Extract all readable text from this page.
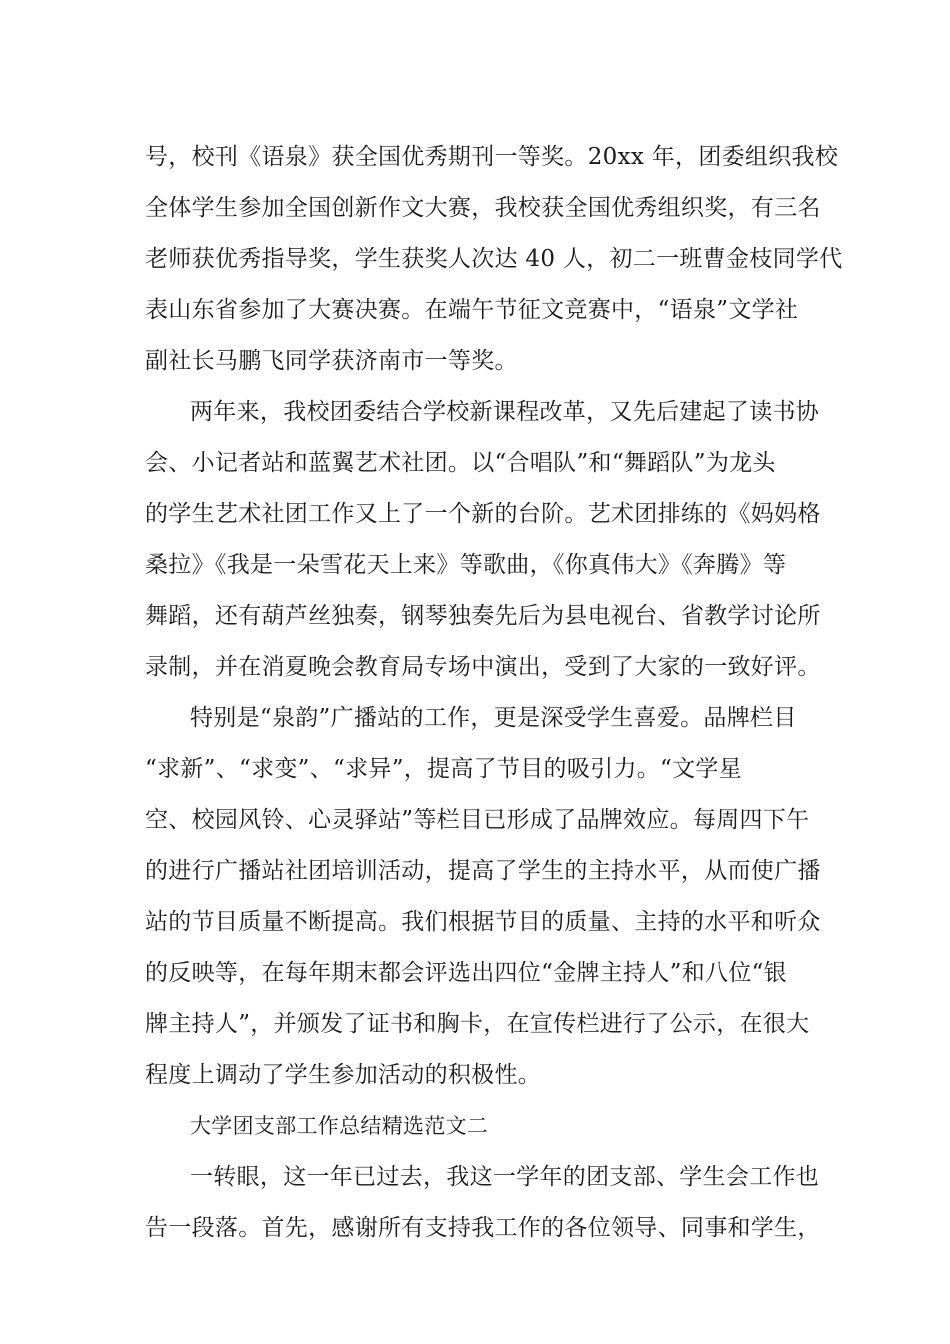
号，校刊《语泉》获全国优秀期刊一等奖。20xx 年，团委组织我校
全体学生参加全国创新作文大赛，我校获全国优秀组织奖，有三名
老师获优秀指导奖，学生获奖人次达 40 人，初二一班曹金枝同学代
表山东省参加了大赛决赛。在端午节征文竞赛中，“语泉”文学社
副社长马鹏飞同学获济南市一等奖。

两年来，我校团委结合学校新课程改革，又先后建起了读书协
会、小记者站和蓝翼艺术社团。以“合唱队”和“舞蹈队”为龙头
的学生艺术社团工作又上了一个新的台阶。艺术团排练的《妈妈格
桑拉》《我是一朵雪花天上来》等歌曲，《你真伟大》《奔腾》等
舞蹈，还有葫芦丝独奏，钢琴独奏先后为县电视台、省教学讨论所
录制，并在消夏晚会教育局专场中演出，受到了大家的一致好评。

特别是“泉韵”广播站的工作，更是深受学生喜爱。品牌栏目
“求新”、“求变”、“求异”，提高了节目的吸引力。“文学星
空、校园风铃、心灵驿站”等栏目已形成了品牌效应。每周四下午
的进行广播站社团培训活动，提高了学生的主持水平，从而使广播
站的节目质量不断提高。我们根据节目的质量、主持的水平和听众
的反映等，在每年期末都会评选出四位“金牌主持人”和八位“银
牌主持人”，并颁发了证书和胸卡，在宣传栏进行了公示，在很大
程度上调动了学生参加活动的积极性。

大学团支部工作总结精选范文二

一转眼，这一年已过去，我这一学年的团支部、学生会工作也
告一段落。首先，感谢所有支持我工作的各位领导、同事和学生，
